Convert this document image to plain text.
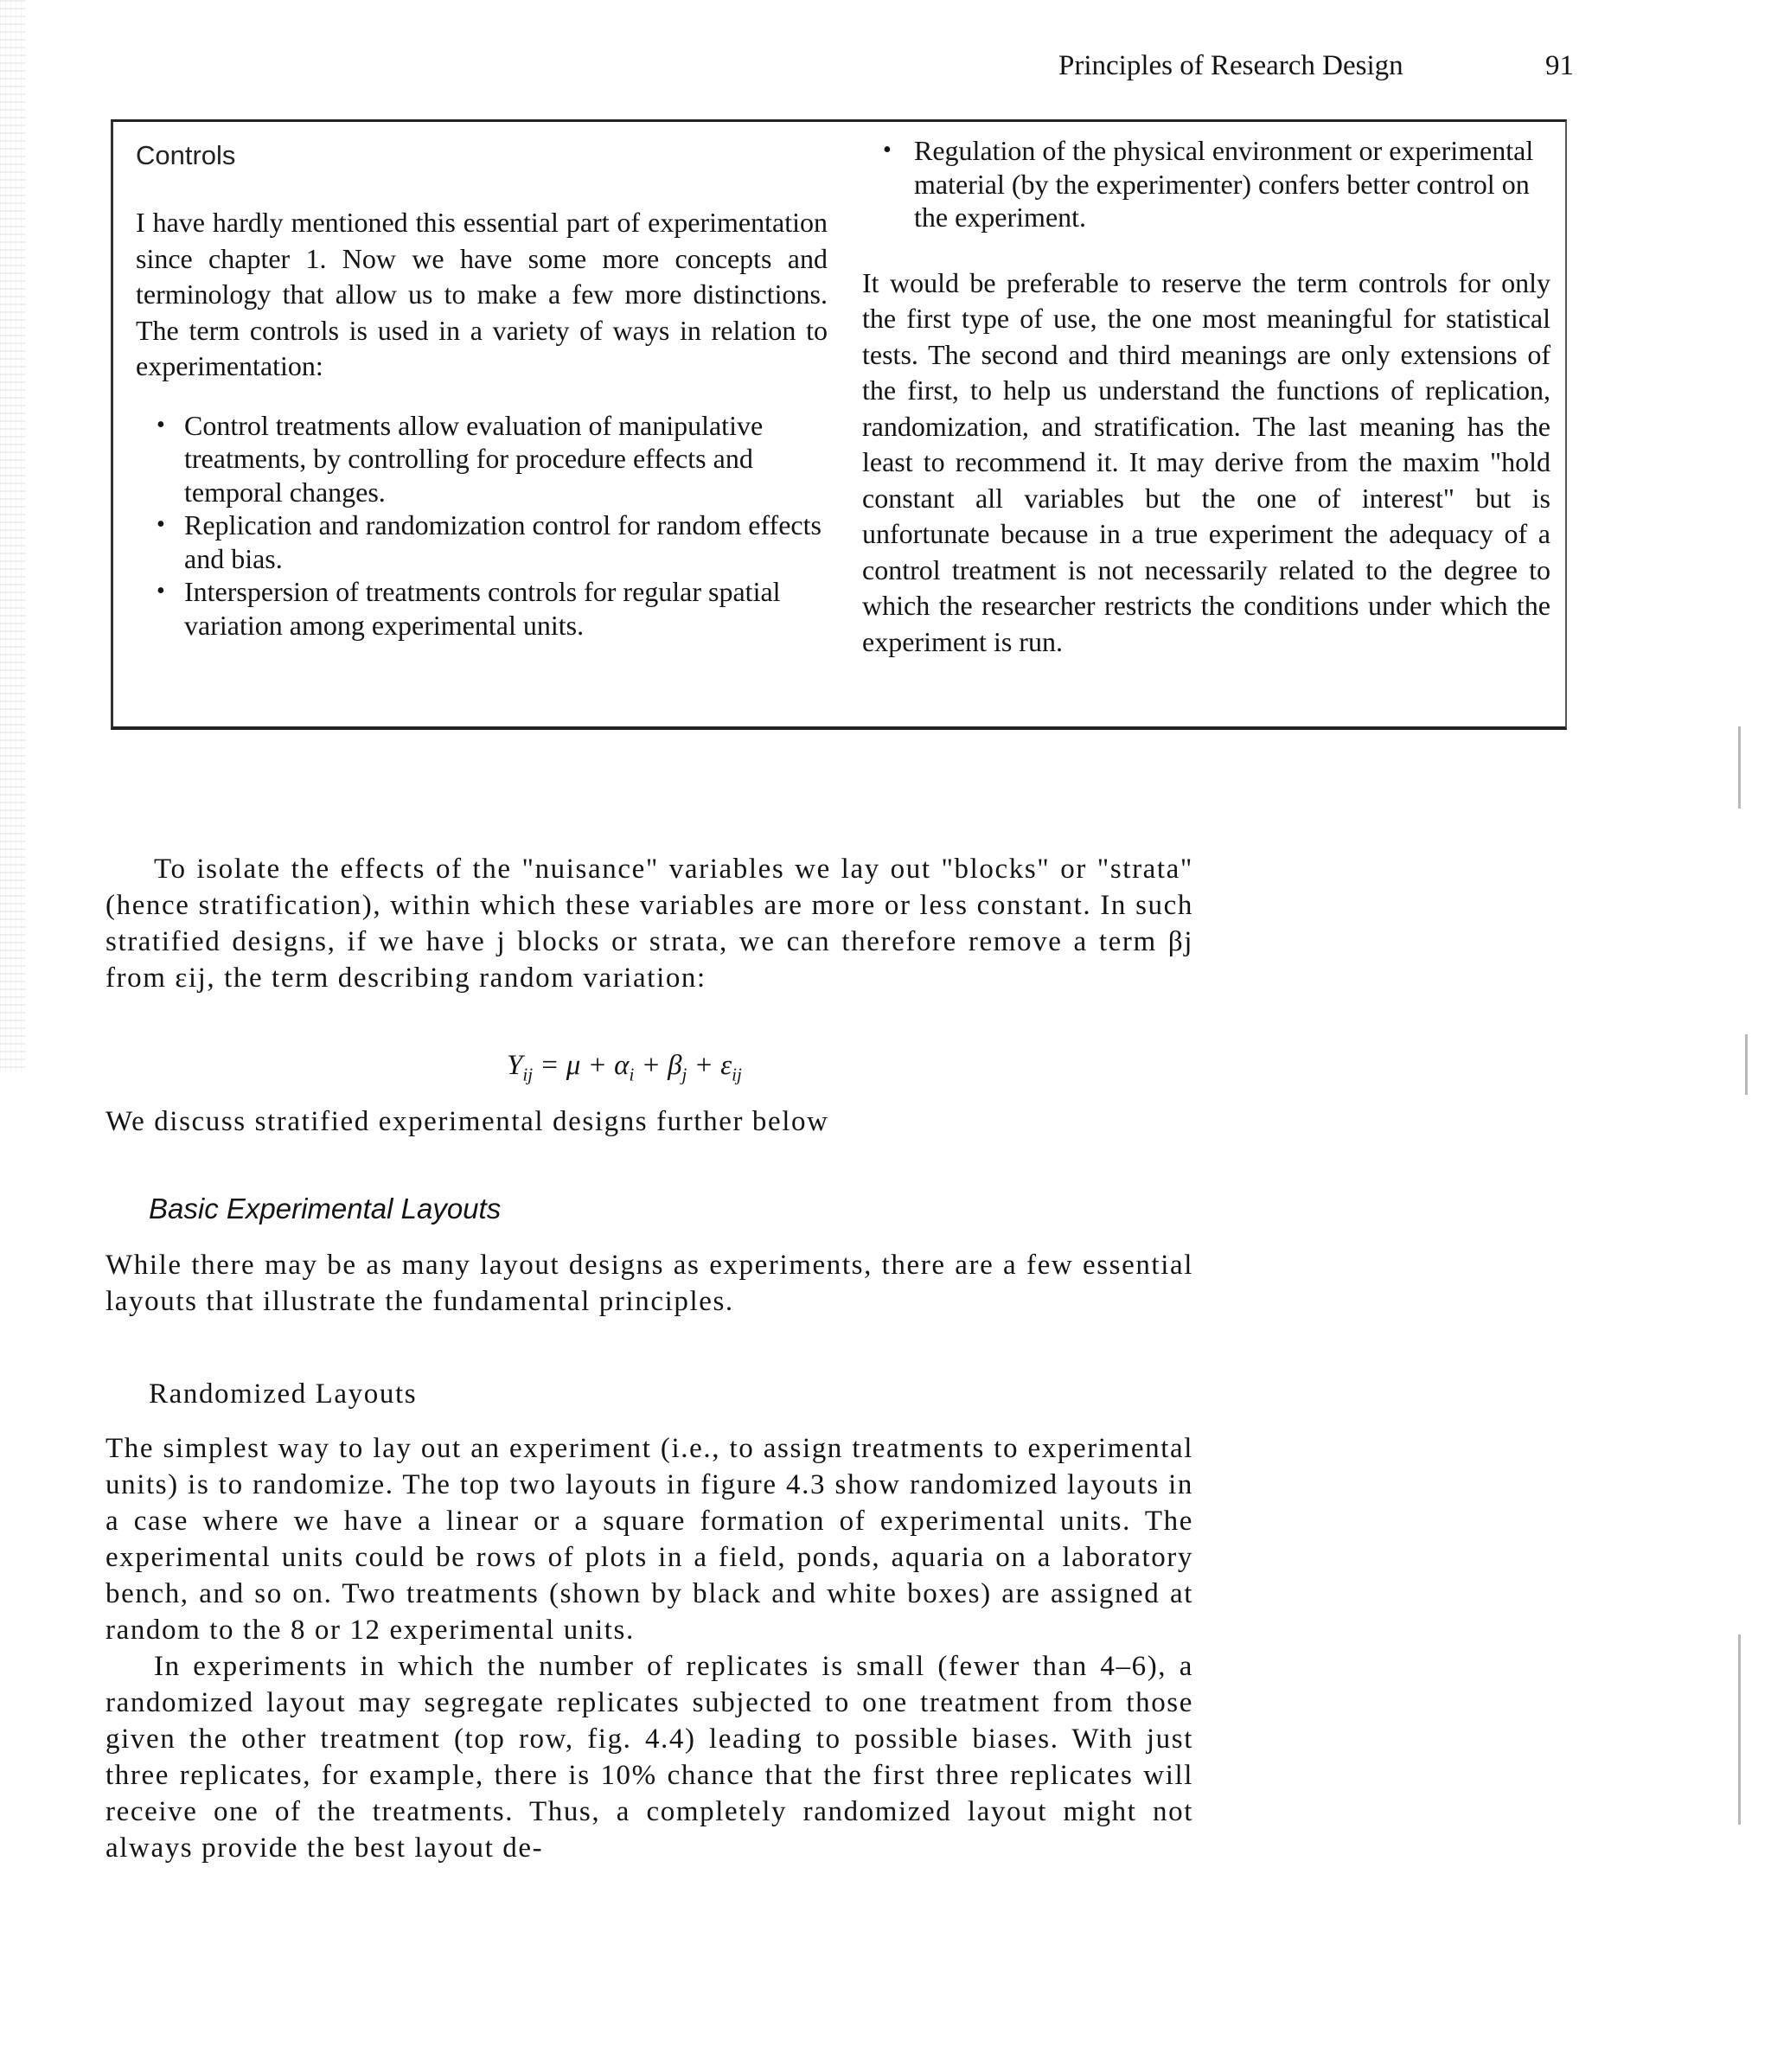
Principles of Research Design	91
Controls

I have hardly mentioned this essential part of experimentation since chapter 1. Now we have some more concepts and terminology that allow us to make a few more distinctions. The term controls is used in a variety of ways in relation to experimentation:

• Control treatments allow evaluation of manipulative treatments, by controlling for procedure effects and temporal changes.
• Replication and randomization control for random effects and bias.
• Interspersion of treatments controls for regular spatial variation among experimental units.
• Regulation of the physical environment or experimental material (by the experimenter) confers better control on the experiment.

It would be preferable to reserve the term controls for only the first type of use, the one most meaningful for statistical tests. The second and third meanings are only extensions of the first, to help us understand the functions of replication, randomization, and stratification. The last meaning has the least to recommend it. It may derive from the maxim "hold constant all variables but the one of interest" but is unfortunate because in a true experiment the adequacy of a control treatment is not necessarily related to the degree to which the researcher restricts the conditions under which the experiment is run.

To isolate the effects of the "nuisance" variables we lay out "blocks" or "strata" (hence stratification), within which these variables are more or less constant. In such stratified designs, if we have j blocks or strata, we can therefore remove a term βj from εij, the term describing random variation:

$Y_{ij} = \mu + \alpha_i + \beta_j + \varepsilon_{ij}$

We discuss stratified experimental designs further below

Basic Experimental Layouts

While there may be as many layout designs as experiments, there are a few essential layouts that illustrate the fundamental principles.

Randomized Layouts

The simplest way to lay out an experiment (i.e., to assign treatments to experimental units) is to randomize. The top two layouts in figure 4.3 show randomized layouts in a case where we have a linear or a square formation of experimental units. The experimental units could be rows of plots in a field, ponds, aquaria on a laboratory bench, and so on. Two treatments (shown by black and white boxes) are assigned at random to the 8 or 12 experimental units.

In experiments in which the number of replicates is small (fewer than 4–6), a randomized layout may segregate replicates subjected to one treatment from those given the other treatment (top row, fig. 4.4) leading to possible biases. With just three replicates, for example, there is 10% chance that the first three replicates will receive one of the treatments. Thus, a completely randomized layout might not always provide the best layout de-
